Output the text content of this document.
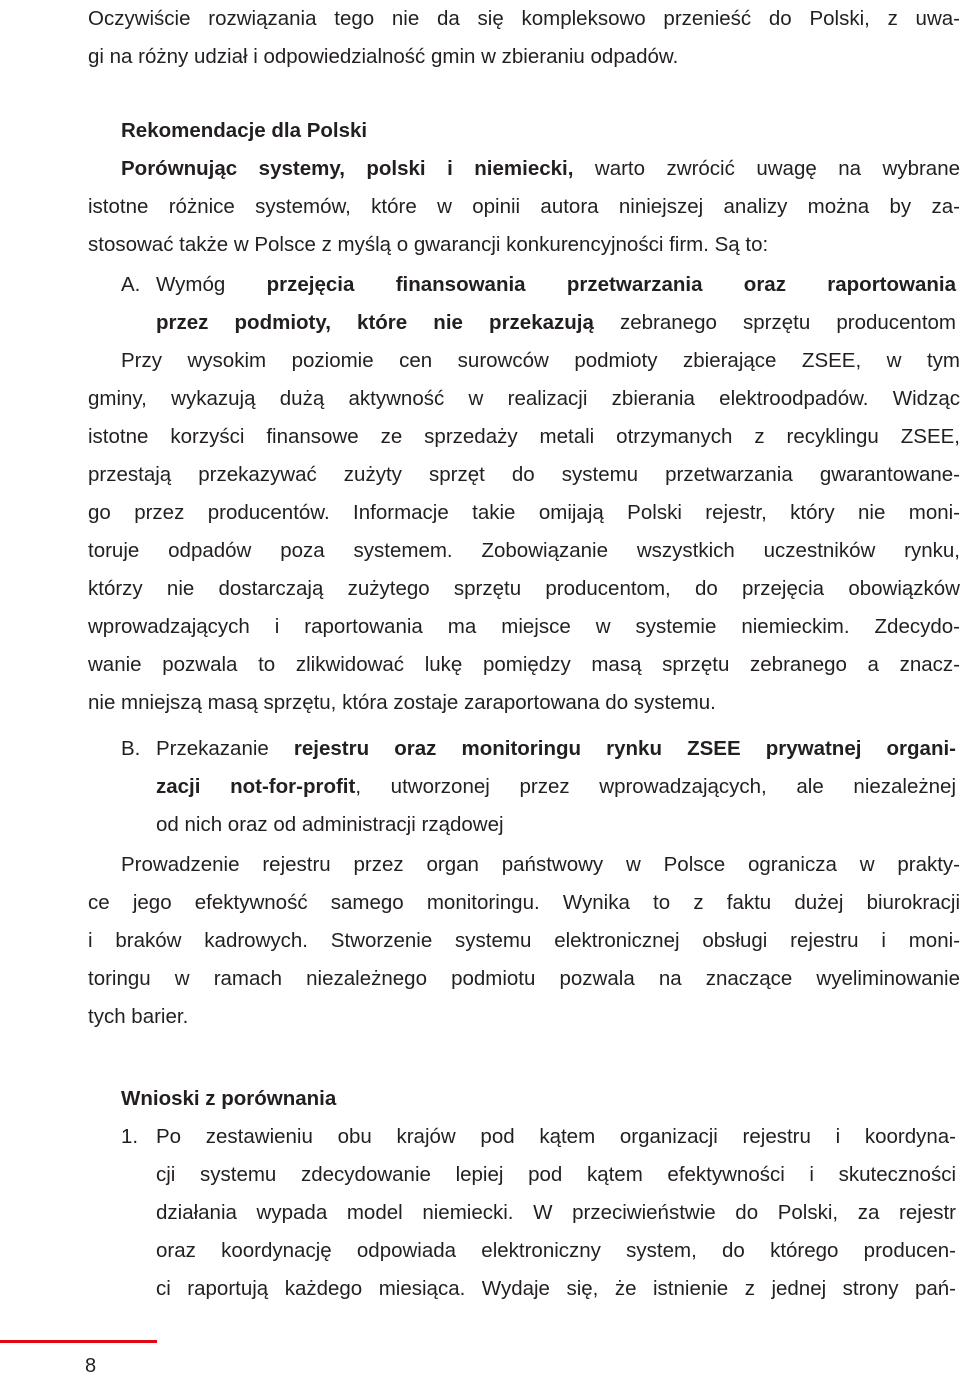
Oczywiście rozwiązania tego nie da się kompleksowo przenieść do Polski, z uwa-
gi na różny udział i odpowiedzialność gmin w zbieraniu odpadów.
Rekomendacje dla Polski
Porównując systemy, polski i niemiecki, warto zwrócić uwagę na wybrane
istotne różnice systemów, które w opinii autora niniejszej analizy można by za-
stosować także w Polsce z myślą o gwarancji konkurencyjności firm. Są to:
A. Wymóg przejęcia finansowania przetwarzania oraz raportowania
przez podmioty, które nie przekazują zebranego sprzętu producentom
Przy wysokim poziomie cen surowców podmioty zbierające ZSEE, w tym
gminy, wykazują dużą aktywność w realizacji zbierania elektroodpadów. Widząc
istotne korzyści finansowe ze sprzedaży metali otrzymanych z recyklingu ZSEE,
przestają przekazywać zużyty sprzęt do systemu przetwarzania gwarantowane-
go przez producentów. Informacje takie omijają Polski rejestr, który nie moni-
toruje odpadów poza systemem. Zobowiązanie wszystkich uczestników rynku,
którzy nie dostarczają zużytego sprzętu producentom, do przejęcia obowiązków
wprowadzających i raportowania ma miejsce w systemie niemieckim. Zdecydo-
wanie pozwala to zlikwidować lukę pomiędzy masą sprzętu zebranego a znacz-
nie mniejszą masą sprzętu, która zostaje zaraportowana do systemu.
B. Przekazanie rejestru oraz monitoringu rynku ZSEE prywatnej organi-
zacji not-for-profit, utworzonej przez wprowadzających, ale niezależnej
od nich oraz od administracji rządowej
Prowadzenie rejestru przez organ państwowy w Polsce ogranicza w prakty-
ce jego efektywność samego monitoringu. Wynika to z faktu dużej biurokracji
i braków kadrowych. Stworzenie systemu elektronicznej obsługi rejestru i moni-
toringu w ramach niezależnego podmiotu pozwala na znaczące wyeliminowanie
tych barier.
Wnioski z porównania
1. Po zestawieniu obu krajów pod kątem organizacji rejestru i koordyna-
cji systemu zdecydowanie lepiej pod kątem efektywności i skuteczności
działania wypada model niemiecki. W przeciwieństwie do Polski, za rejestr
oraz koordynację odpowiada elektroniczny system, do którego producen-
ci raportują każdego miesiąca. Wydaje się, że istnienie z jednej strony pań-
8
